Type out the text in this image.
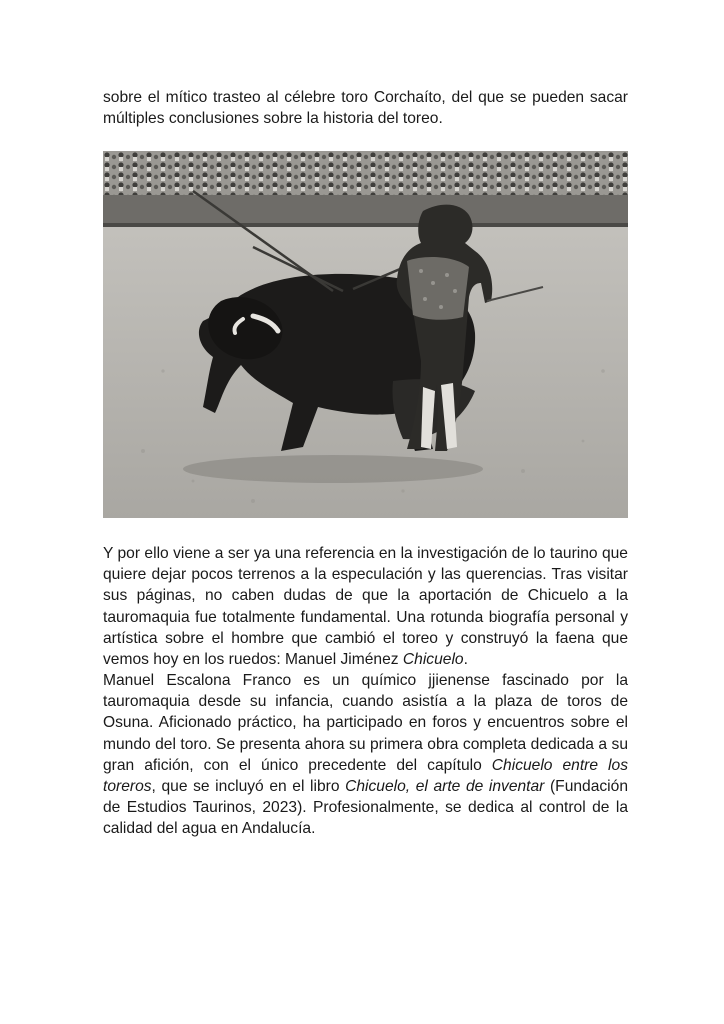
sobre el mítico trasteo al célebre toro Corchaíto, del que se pueden sacar múltiples conclusiones sobre la historia del toreo.

Y por ello viene a ser ya una referencia en la investigación de lo taurino que quiere dejar pocos terrenos a la especulación y las querencias. Tras visitar sus páginas, no caben dudas de que la aportación de Chicuelo a la tauromaquia fue totalmente fundamental. Una rotunda biografía personal y artística sobre el hombre que cambió el toreo y construyó la faena que vemos hoy en los ruedos: Manuel Jiménez Chicuelo.

Manuel Escalona Franco es un químico jjienense fascinado por la tauromaquia desde su infancia, cuando asistía a la plaza de toros de Osuna. Aficionado práctico, ha participado en foros y encuentros sobre el mundo del toro. Se presenta ahora su primera obra completa dedicada a su gran afición, con el único precedente del capítulo Chicuelo entre los toreros, que se incluyó en el libro Chicuelo, el arte de inventar (Fundación de Estudios Taurinos, 2023). Profesionalmente, se dedica al control de la calidad del agua en Andalucía.
